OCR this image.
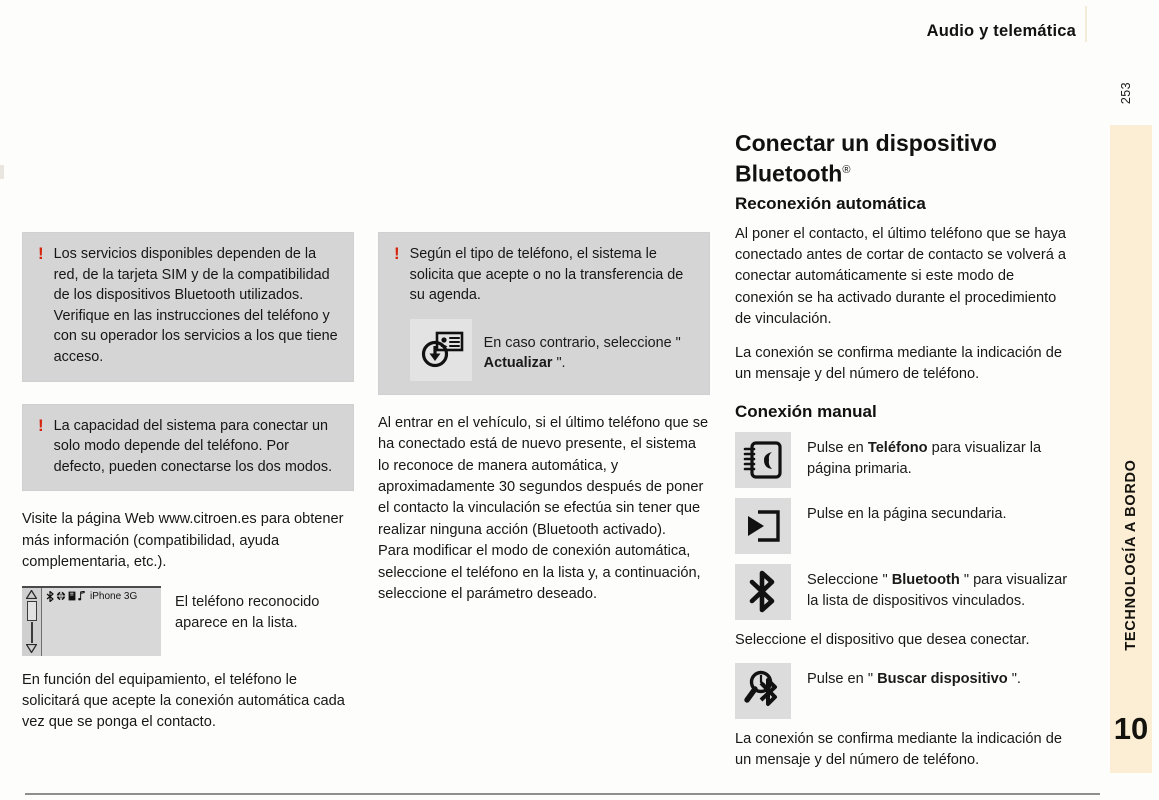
Audio y telemática
253
TECHNOLOGÍA A BORDO
10
! Los servicios disponibles dependen de la red, de la tarjeta SIM y de la compatibilidad de los dispositivos Bluetooth utilizados. Verifique en las instrucciones del teléfono y con su operador los servicios a los que tiene acceso.
! La capacidad del sistema para conectar un solo modo depende del teléfono. Por defecto, pueden conectarse los dos modos.

Visite la página Web www.citroen.es para obtener más información (compatibilidad, ayuda complementaria, etc.).

iPhone 3G	El teléfono reconocido aparece en la lista.

En función del equipamiento, el teléfono le solicitará que acepte la conexión automática cada vez que se ponga el contacto.

! Según el tipo de teléfono, el sistema le solicita que acepte o no la transferencia de su agenda.
En caso contrario, seleccione " Actualizar ".

Al entrar en el vehículo, si el último teléfono que se ha conectado está de nuevo presente, el sistema lo reconoce de manera automática, y aproximadamente 30 segundos después de poner el contacto la vinculación se efectúa sin tener que realizar ninguna acción (Bluetooth activado).

Para modificar el modo de conexión automática, seleccione el teléfono en la lista y, a continuación, seleccione el parámetro deseado.

Conectar un dispositivo Bluetooth®
Reconexión automática

Al poner el contacto, el último teléfono que se haya conectado antes de cortar de contacto se volverá a conectar automáticamente si este modo de conexión se ha activado durante el procedimiento de vinculación.

La conexión se confirma mediante la indicación de un mensaje y del número de teléfono.

Conexión manual
Pulse en Teléfono para visualizar la página primaria.
Pulse en la página secundaria.
Seleccione " Bluetooth " para visualizar la lista de dispositivos vinculados.

Seleccione el dispositivo que desea conectar.

Pulse en " Buscar dispositivo ".

La conexión se confirma mediante la indicación de un mensaje y del número de teléfono.
